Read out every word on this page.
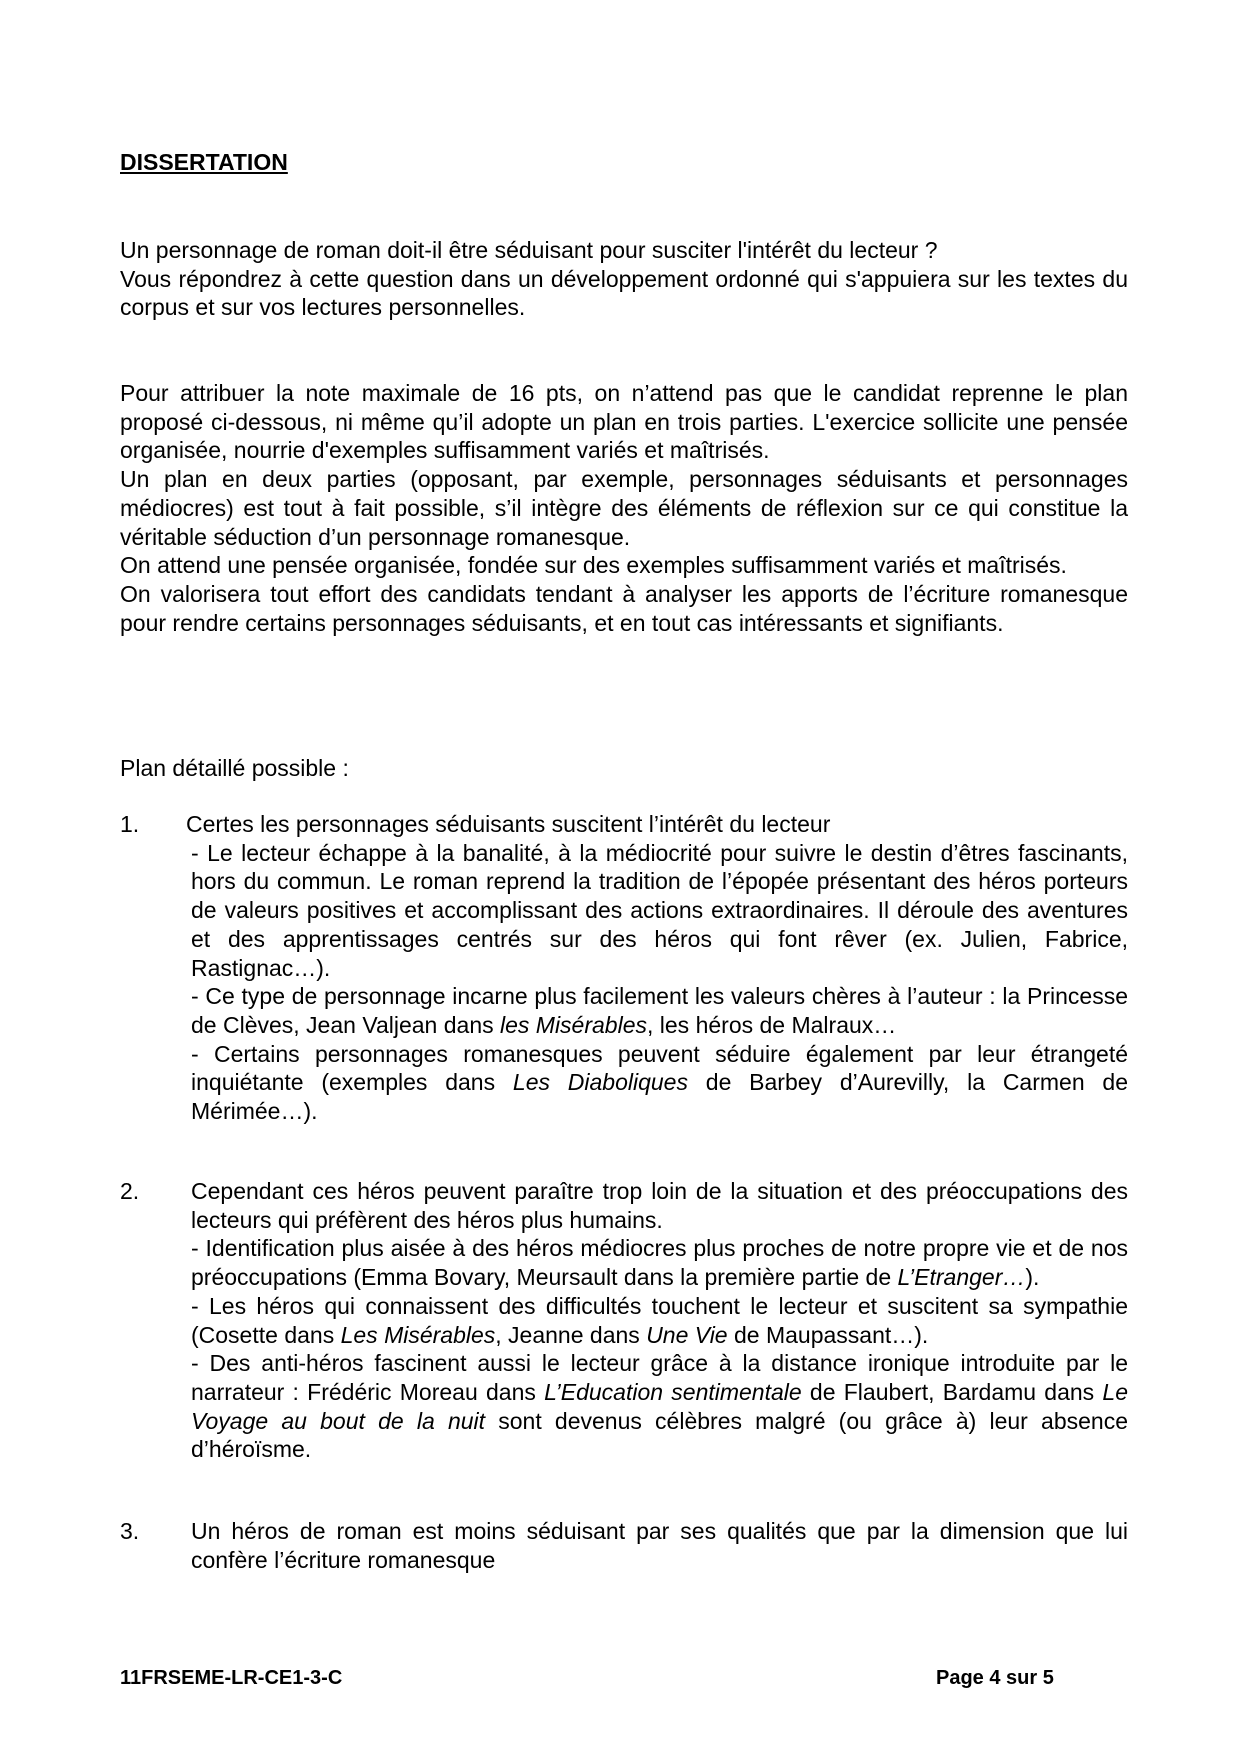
DISSERTATION

Un personnage de roman doit-il être séduisant pour susciter l'intérêt du lecteur ?

Vous répondrez à cette question dans un développement ordonné qui s'appuiera sur les textes du corpus et sur vos lectures personnelles.

Pour attribuer la note maximale de 16 pts, on n’attend pas que le candidat reprenne le plan proposé ci-dessous, ni même qu’il adopte un plan en trois parties. L'exercice sollicite une pensée organisée, nourrie d'exemples suffisamment variés et maîtrisés.

Un plan en deux parties (opposant, par exemple, personnages séduisants et personnages médiocres) est tout à fait possible, s’il intègre des éléments de réflexion sur ce qui constitue la véritable séduction d’un personnage romanesque.

On attend une pensée organisée, fondée sur des exemples suffisamment variés et maîtrisés.

On valorisera tout effort des candidats tendant à analyser les apports de l’écriture romanesque pour rendre certains personnages séduisants, et en tout cas intéressants et signifiants.

Plan détaillé possible :
1. Certes les personnages séduisants suscitent l’intérêt du lecteur

- Le lecteur échappe à la banalité, à la médiocrité pour suivre le destin d’êtres fascinants, hors du commun. Le roman reprend la tradition de l’épopée présentant des héros porteurs de valeurs positives et accomplissant des actions extraordinaires. Il déroule des aventures et des apprentissages centrés sur des héros qui font rêver (ex. Julien, Fabrice, Rastignac…).

- Ce type de personnage incarne plus facilement les valeurs chères à l’auteur : la Princesse de Clèves, Jean Valjean dans les Misérables, les héros de Malraux…

- Certains personnages romanesques peuvent séduire également par leur étrangeté inquiétante (exemples dans Les Diaboliques de Barbey d’Aurevilly, la Carmen de Mérimée…).

2. Cependant ces héros peuvent paraître trop loin de la situation et des préoccupations des lecteurs qui préfèrent des héros plus humains.

- Identification plus aisée à des héros médiocres plus proches de notre propre vie et de nos préoccupations (Emma Bovary, Meursault dans la première partie de L’Etranger…).

- Les héros qui connaissent des difficultés touchent le lecteur et suscitent sa sympathie (Cosette dans Les Misérables, Jeanne dans Une Vie de Maupassant…).

- Des anti-héros fascinent aussi le lecteur grâce à la distance ironique introduite par le narrateur : Frédéric Moreau dans L’Education sentimentale de Flaubert, Bardamu dans Le Voyage au bout de la nuit sont devenus célèbres malgré (ou grâce à) leur absence d’héroïsme.

3. Un héros de roman est moins séduisant par ses qualités que par la dimension que lui confère l’écriture romanesque
11FRSEME-LR-CE1-3-C	Page 4 sur 5
